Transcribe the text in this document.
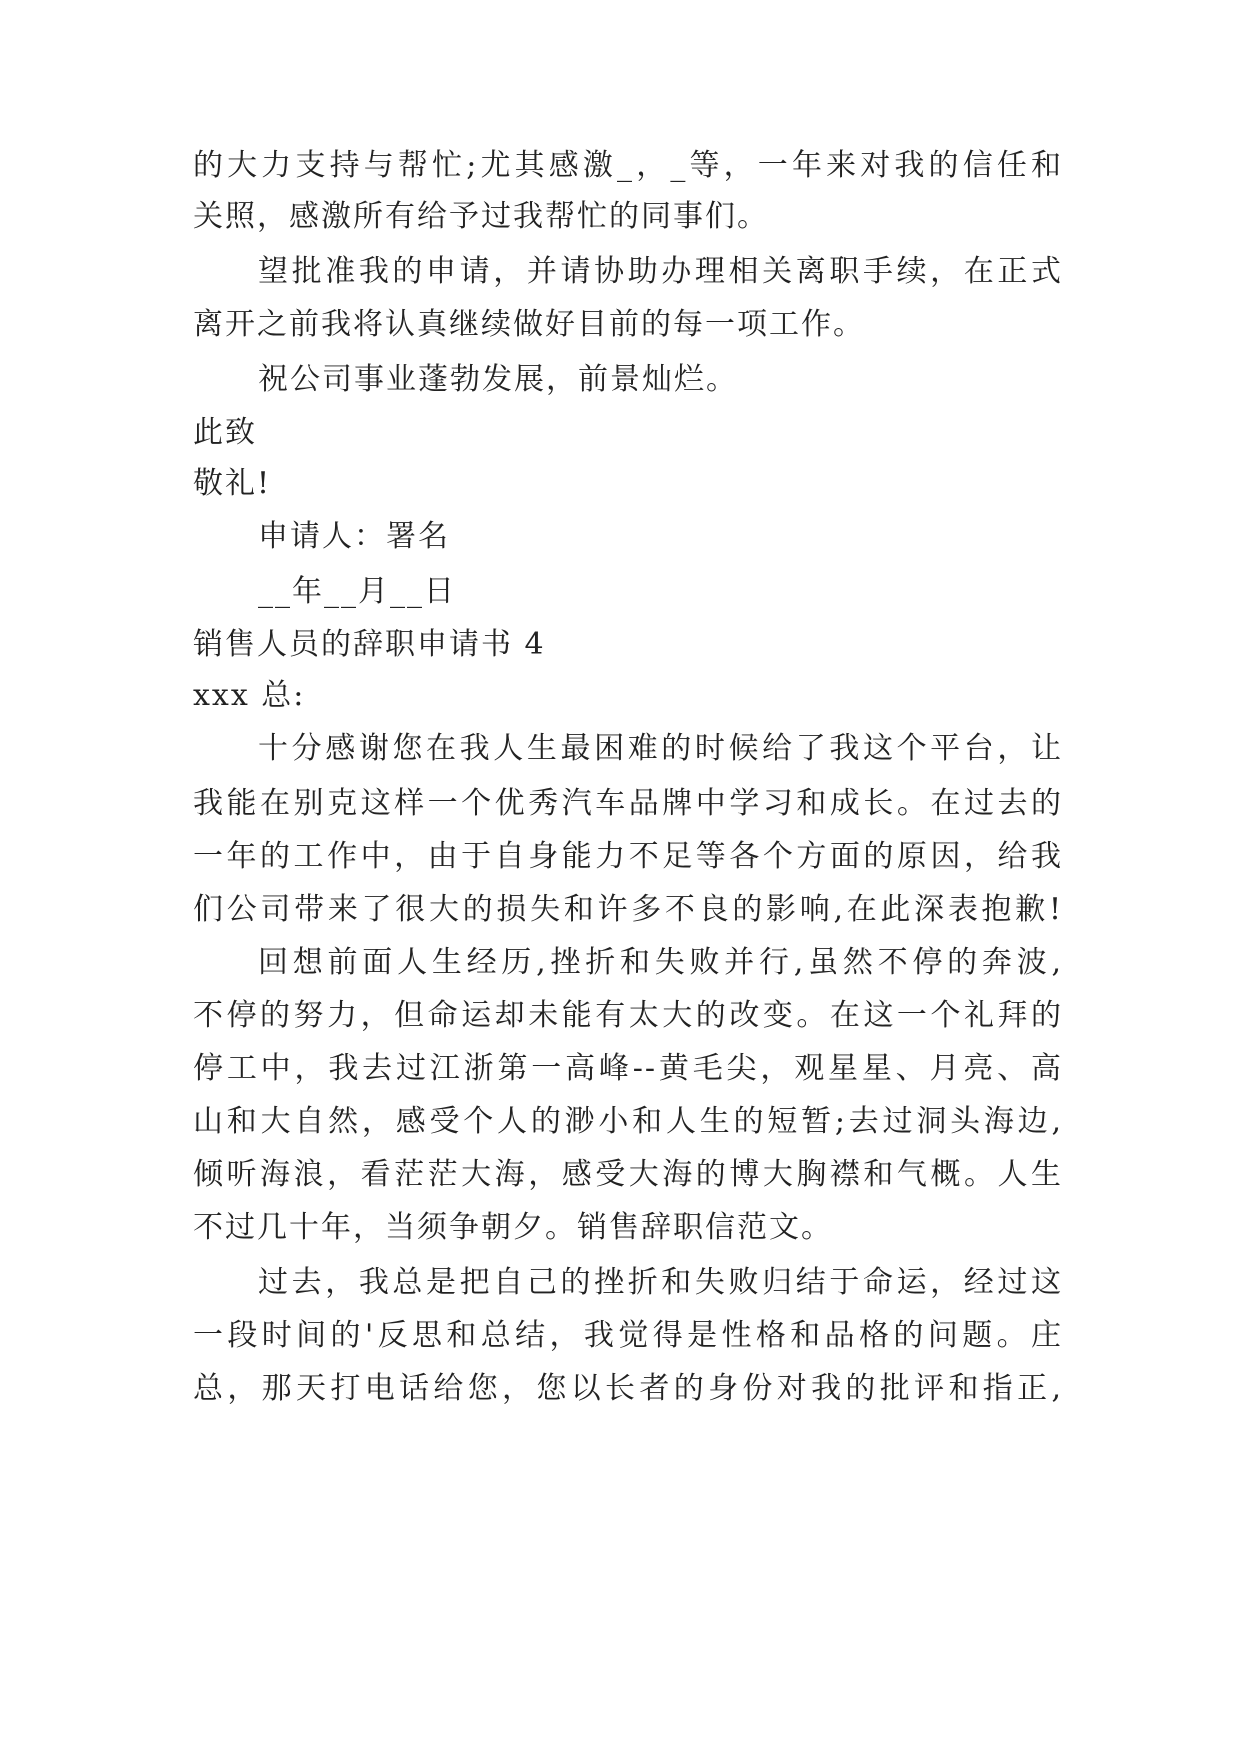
的大力支持与帮忙;尤其感激_，_等，一年来对我的信任和
关照，感激所有给予过我帮忙的同事们。
望批准我的申请，并请协助办理相关离职手续，在正式
离开之前我将认真继续做好目前的每一项工作。
祝公司事业蓬勃发展，前景灿烂。
此致
敬礼!
申请人：署名
__年__月__日
销售人员的辞职申请书 4
xxx 总:
十分感谢您在我人生最困难的时候给了我这个平台，让
我能在别克这样一个优秀汽车品牌中学习和成长。在过去的
一年的工作中，由于自身能力不足等各个方面的原因，给我
们公司带来了很大的损失和许多不良的影响,在此深表抱歉!
回想前面人生经历,挫折和失败并行,虽然不停的奔波,
不停的努力，但命运却未能有太大的改变。在这一个礼拜的
停工中，我去过江浙第一高峰--黄毛尖，观星星、月亮、高
山和大自然，感受个人的渺小和人生的短暂;去过洞头海边,
倾听海浪，看茫茫大海，感受大海的博大胸襟和气概。人生
不过几十年，当须争朝夕。销售辞职信范文。
过去，我总是把自己的挫折和失败归结于命运，经过这
一段时间的'反思和总结，我觉得是性格和品格的问题。庄
总，那天打电话给您，您以长者的身份对我的批评和指正,
